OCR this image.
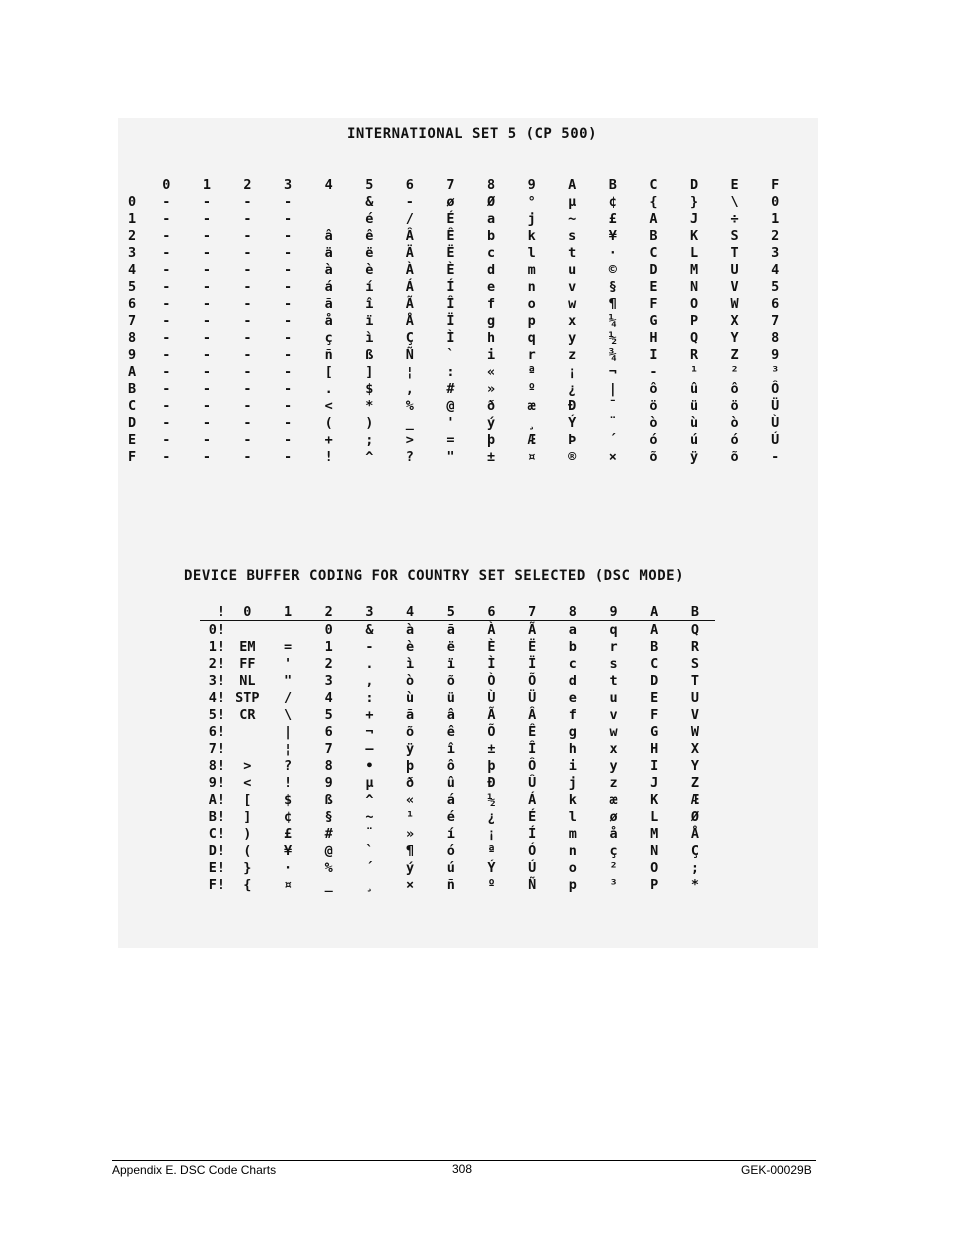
INTERNATIONAL SET 5 (CP 500)
	0	1	2	3	4	5	6	7	8	9	A	B	C	D	E	F
0	-	-	-	-		&	-	ø	Ø	°	µ	¢	{	}	\	0
1	-	-	-	-		é	/	É	a	j	~	£	A	J	÷	1
2	-	-	-	-	â	ê	Â	Ê	b	k	s	¥	B	K	S	2
3	-	-	-	-	ä	ë	Ä	Ë	c	l	t	·	C	L	T	3
4	-	-	-	-	à	è	À	È	d	m	u	©	D	M	U	4
5	-	-	-	-	á	í	Á	Í	e	n	v	§	E	N	V	5
6	-	-	-	-	ã	î	Ã	Î	f	o	w	¶	F	O	W	6
7	-	-	-	-	å	ï	Å	Ï	g	p	x	¼	G	P	X	7
8	-	-	-	-	ç	ì	Ç	Ì	h	q	y	½	H	Q	Y	8
9	-	-	-	-	ñ	ß	Ñ	`	i	r	z	¾	I	R	Z	9
A	-	-	-	-	[	]	¦	:	«	ª	¡	¬	-	¹	²	³
B	-	-	-	-	.	$	,	#	»	º	¿	|	ô	û	ô	Ô
C	-	-	-	-	<	*	%	@	ð	æ	Ð	¯	ö	ü	ö	Ü
D	-	-	-	-	(	)	_	'	ý	¸	Ý	¨	ò	ù	ò	Ù
E	-	-	-	-	+	;	>	=	þ	Æ	Þ	´	ó	ú	ó	Ú
F	-	-	-	-	!	^	?	"	±	¤	®	×	õ	ÿ	õ	-
DEVICE BUFFER CODING FOR COUNTRY SET SELECTED (DSC MODE)
!	0	1	2	3	4	5	6	7	8	9	A	B
0!			0	&	à	ã	À	Ã	a	q	A	Q
1!	EM	=	1	-	è	ë	È	Ë	b	r	B	R
2!	FF	'	2	.	ì	ï	Ì	Ï	c	s	C	S
3!	NL	"	3	,	ò	õ	Ò	Õ	d	t	D	T
4!	STP	/	4	:	ù	ü	Ù	Ü	e	u	E	U
5!	CR	\	5	+	ã	â	Ã	Â	f	v	F	V
6!		|	6	¬	õ	ê	Õ	Ê	g	w	G	W
7!		¦	7	–	ÿ	î	±	Î	h	x	H	X
8!	>	?	8	•	þ	ô	þ	Ô	i	y	I	Y
9!	<	!	9	µ	ð	û	Ð	Û	j	z	J	Z
A!	[	$	ß	^	«	á	½	Á	k	æ	K	Æ
B!	]	¢	§	~	¹	é	¿	É	l	ø	L	Ø
C!	)	£	#	¨	»	í	¡	Í	m	å	M	Å
D!	(	¥	@	`	¶	ó	ª	Ó	n	ç	N	Ç
E!	}	·	%	´	ý	ú	Ý	Ú	o	²	O	;
F!	{	¤	_	¸	×	ñ	º	Ñ	p	³	P	*
Appendix E. DSC Code Charts	308	GEK-00029B
